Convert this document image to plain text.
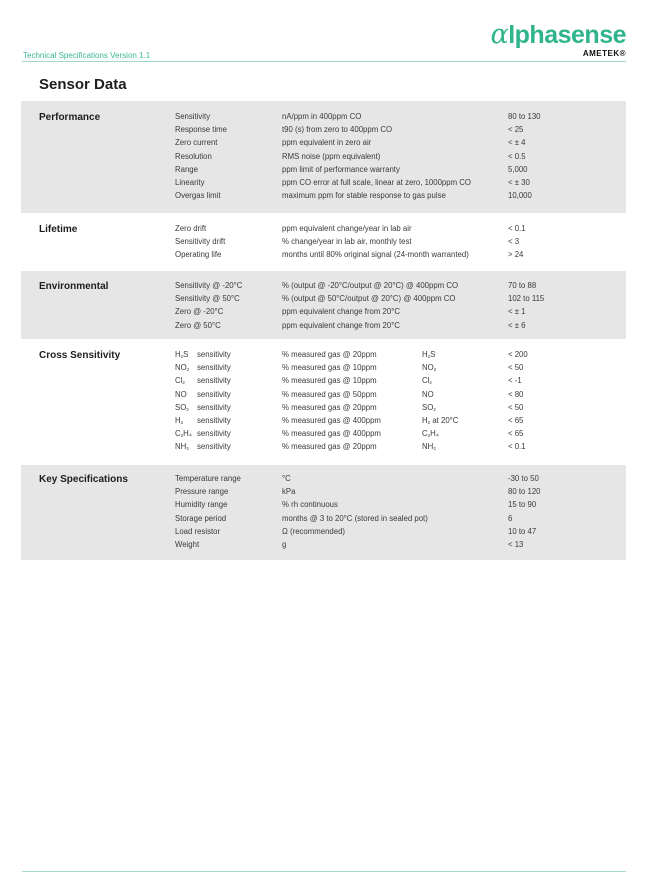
αlphasense
AMETEK®
Technical Specifications Version 1.1
Sensor Data
Performance	Sensitivity	nA/ppm in 400ppm CO	80 to 130
Response time	t90 (s) from zero to 400ppm CO	< 25
Zero current	ppm equivalent in zero air	< ± 4
Resolution	RMS noise (ppm equivalent)	< 0.5
Range	ppm limit of performance warranty	5,000
Linearity	ppm CO error at full scale, linear at zero, 1000ppm CO	< ± 30
Overgas limit	maximum ppm for stable response to gas pulse	10,000
Lifetime	Zero drift	ppm equivalent change/year in lab air	< 0.1
Sensitivity drift	% change/year in lab air, monthly test	< 3
Operating life	months until 80% original signal (24-month warranted)	> 24
Environmental	Sensitivity @ -20°C	% (output @ -20°C/output @ 20°C) @ 400ppm CO	70 to 88
Sensitivity @ 50°C	% (output @ 50°C/output @ 20°C) @ 400ppm CO	102 to 115
Zero @ -20°C	ppm equivalent change from 20°C	< ± 1
Zero @ 50°C	ppm equivalent change from 20°C	< ± 6
Cross Sensitivity	$H_2S$ sensitivity	% measured gas @ 20ppm	$H_2S$	< 200
$NO_2$ sensitivity	% measured gas @ 10ppm	$NO_2$	< 50
$Cl_2$ sensitivity	% measured gas @ 10ppm	$Cl_2$	< -1
NO sensitivity	% measured gas @ 50ppm	NO	< 80
$SO_2$ sensitivity	% measured gas @ 20ppm	$SO_2$	< 50
$H_2$ sensitivity	% measured gas @ 400ppm	$H_2$ at 20°C	< 65
$C_2H_4$ sensitivity	% measured gas @ 400ppm	$C_2H_4$	< 65
$NH_3$ sensitivity	% measured gas @ 20ppm	$NH_3$	< 0.1
Key Specifications	Temperature range	°C	-30 to 50
Pressure range	kPa	80 to 120
Humidity range	% rh continuous	15 to 90
Storage period	months @ 3 to 20°C (stored in sealed pot)	6
Load resistor	Ω (recommended)	10 to 47
Weight	g	< 13
